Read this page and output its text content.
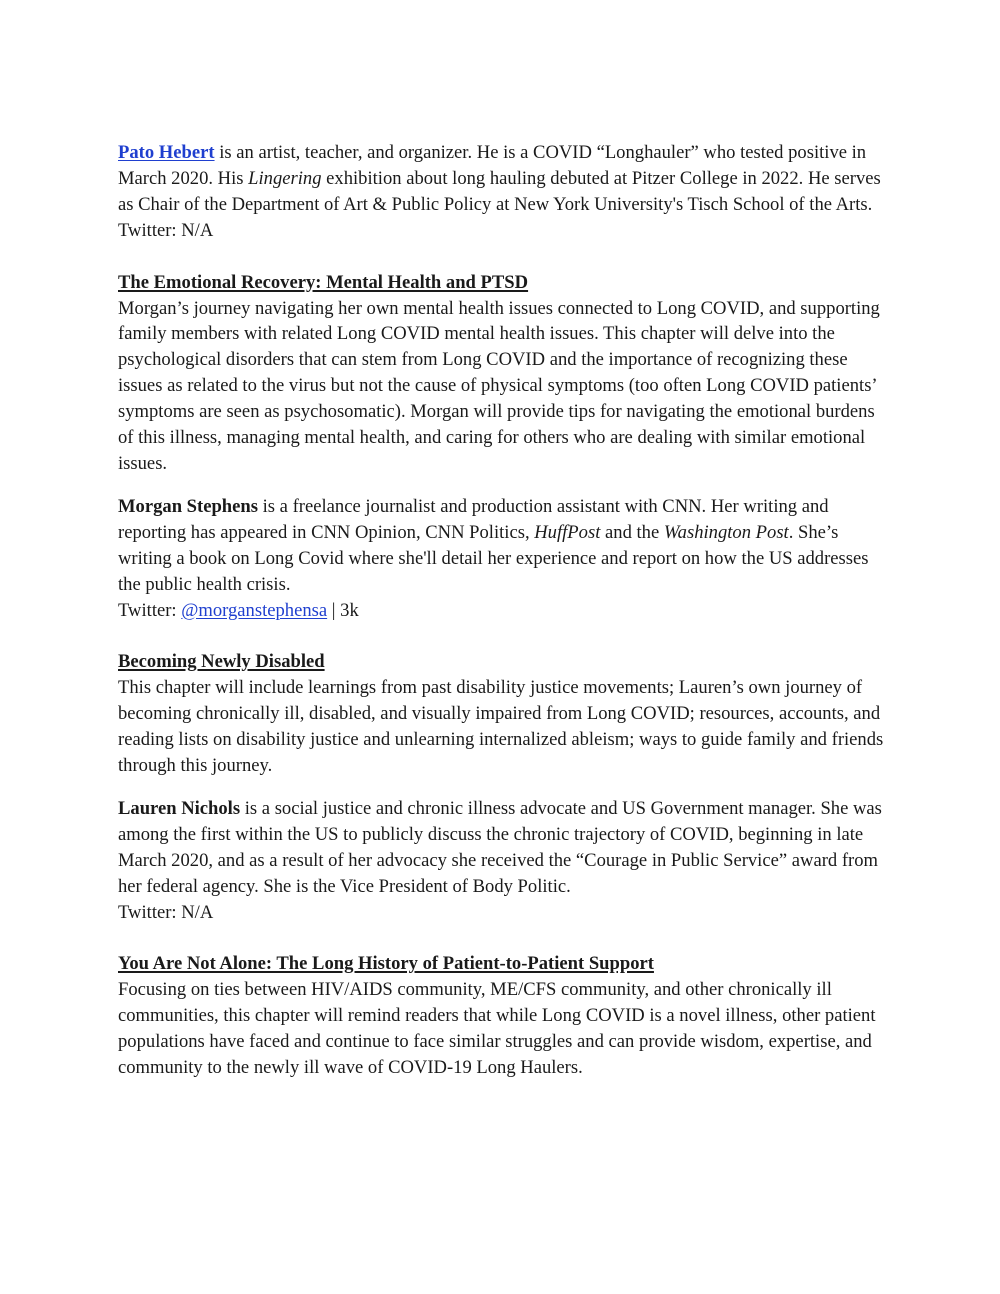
Pato Hebert is an artist, teacher, and organizer. He is a COVID “Longhauler” who tested positive in March 2020. His Lingering exhibition about long hauling debuted at Pitzer College in 2022. He serves as Chair of the Department of Art & Public Policy at New York University's Tisch School of the Arts.

Twitter: N/A

The Emotional Recovery: Mental Health and PTSD

Morgan’s journey navigating her own mental health issues connected to Long COVID, and supporting family members with related Long COVID mental health issues. This chapter will delve into the psychological disorders that can stem from Long COVID and the importance of recognizing these issues as related to the virus but not the cause of physical symptoms (too often Long COVID patients’ symptoms are seen as psychosomatic). Morgan will provide tips for navigating the emotional burdens of this illness, managing mental health, and caring for others who are dealing with similar emotional issues.

Morgan Stephens is a freelance journalist and production assistant with CNN. Her writing and reporting has appeared in CNN Opinion, CNN Politics, HuffPost and the Washington Post. She’s writing a book on Long Covid where she'll detail her experience and report on how the US addresses the public health crisis.

Twitter: @morganstephensa | 3k

Becoming Newly Disabled

This chapter will include learnings from past disability justice movements; Lauren’s own journey of becoming chronically ill, disabled, and visually impaired from Long COVID; resources, accounts, and reading lists on disability justice and unlearning internalized ableism; ways to guide family and friends through this journey.

Lauren Nichols is a social justice and chronic illness advocate and US Government manager. She was among the first within the US to publicly discuss the chronic trajectory of COVID, beginning in late March 2020, and as a result of her advocacy she received the “Courage in Public Service” award from her federal agency. She is the Vice President of Body Politic.

Twitter: N/A

You Are Not Alone: The Long History of Patient-to-Patient Support

Focusing on ties between HIV/AIDS community, ME/CFS community, and other chronically ill communities, this chapter will remind readers that while Long COVID is a novel illness, other patient populations have faced and continue to face similar struggles and can provide wisdom, expertise, and community to the newly ill wave of COVID-19 Long Haulers.
